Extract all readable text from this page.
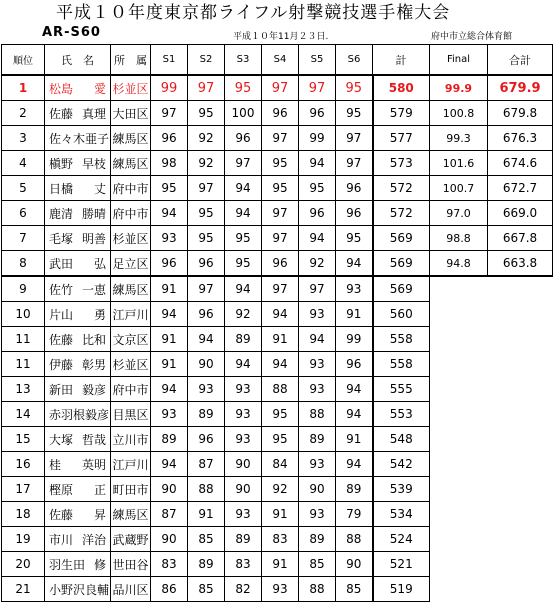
平成１０年度東京都ライフル射撃競技選手権大会
AR-S60	平成１０年11月２３日.	府中市立総合体育館
順位	氏　名	所　属	S1	S2	S3	S4	S5	S6	計	Final	合計
1	松島 愛	杉並区	99	97	95	97	97	95	580	99.9	679.9
2	佐藤 真理	大田区	97	95	100	96	96	95	579	100.8	679.8
3	佐々木亜子	練馬区	96	92	96	97	99	97	577	99.3	676.3
4	槇野 早枝	練馬区	98	92	97	95	94	97	573	101.6	674.6
5	日橋 丈	府中市	95	97	94	95	95	96	572	100.7	672.7
6	鹿清 勝晴	府中市	94	95	94	97	96	96	572	97.0	669.0
7	毛塚 明善	杉並区	93	95	95	97	94	95	569	98.8	667.8
8	武田 弘	足立区	96	96	95	96	92	94	569	94.8	663.8
9	佐竹 一恵	練馬区	91	97	94	97	97	93	569		
10	片山 勇	江戸川	94	96	92	94	93	91	560		
11	佐藤 比和	文京区	91	94	89	91	94	99	558		
11	伊藤 彰男	杉並区	91	90	94	94	93	96	558		
13	新田 毅彦	府中市	94	93	93	88	93	94	555		
14	赤羽根毅彦	目黒区	93	89	93	95	88	94	553		
15	大塚 哲哉	立川市	89	96	93	95	89	91	548		
16	桂 英明	江戸川	94	87	90	84	93	94	542		
17	樫原 正	町田市	90	88	90	92	90	89	539		
18	佐藤 昇	練馬区	87	91	93	91	93	79	534		
19	市川 洋治	武蔵野	90	85	89	83	89	88	524		
20	羽生田 修	世田谷	83	89	83	91	85	90	521		
21	小野沢良輔	品川区	86	85	82	93	88	85	519		
